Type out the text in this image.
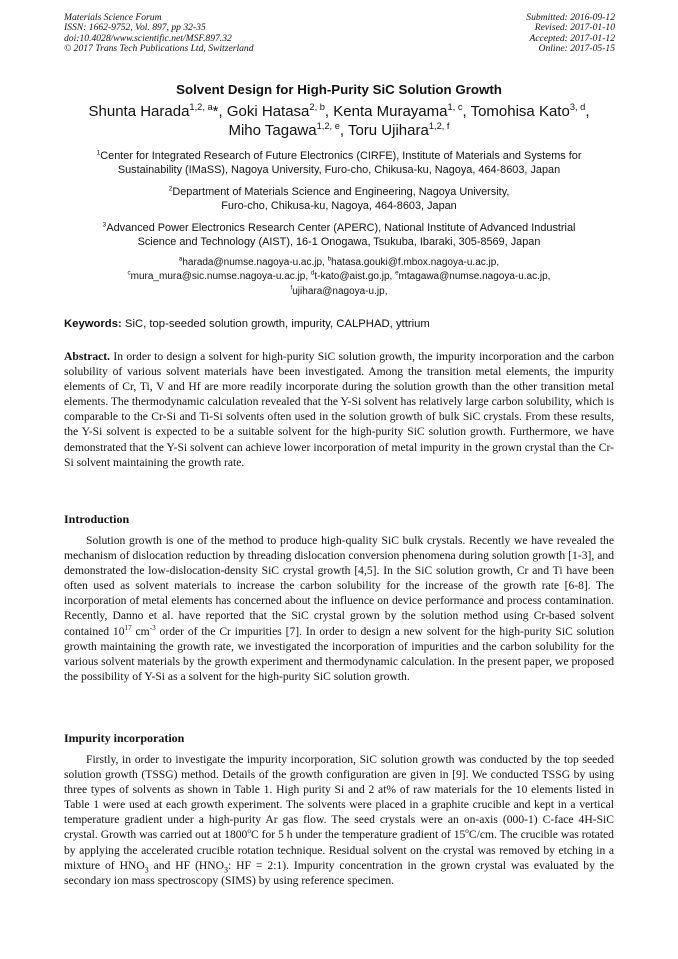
Materials Science Forum
ISSN: 1662-9752, Vol. 897, pp 32-35
doi:10.4028/www.scientific.net/MSF.897.32
© 2017 Trans Tech Publications Ltd, Switzerland
Submitted: 2016-09-12
Revised: 2017-01-10
Accepted: 2017-01-12
Online: 2017-05-15
Solvent Design for High-Purity SiC Solution Growth
Shunta Harada$^{1,2, a}$*, Goki Hatasa$^{2, b}$, Kenta Murayama$^{1, c}$, Tomohisa Kato$^{3, d}$,
Miho Tagawa$^{1,2, e}$, Toru Ujihara$^{1,2, f}$
$^1$Center for Integrated Research of Future Electronics (CIRFE), Institute of Materials and Systems for
Sustainability (IMaSS), Nagoya University, Furo-cho, Chikusa-ku, Nagoya, 464-8603, Japan
$^2$Department of Materials Science and Engineering, Nagoya University,
Furo-cho, Chikusa-ku, Nagoya, 464-8603, Japan
$^3$Advanced Power Electronics Research Center (APERC), National Institute of Advanced Industrial
Science and Technology (AIST), 16-1 Onogawa, Tsukuba, Ibaraki, 305-8569, Japan
$^a$harada@numse.nagoya-u.ac.jp, $^b$hatasa.gouki@f.mbox.nagoya-u.ac.jp,
$^c$mura_mura@sic.numse.nagoya-u.ac.jp, $^d$t-kato@aist.go.jp, $^e$mtagawa@numse.nagoya-u.ac.jp,
$^f$ujihara@nagoya-u.jp,
Keywords: SiC, top-seeded solution growth, impurity, CALPHAD, yttrium

Abstract. In order to design a solvent for high-purity SiC solution growth, the impurity incorporation and the carbon solubility of various solvent materials have been investigated. Among the transition metal elements, the impurity elements of Cr, Ti, V and Hf are more readily incorporate during the solution growth than the other transition metal elements. The thermodynamic calculation revealed that the Y-Si solvent has relatively large carbon solubility, which is comparable to the Cr-Si and Ti-Si solvents often used in the solution growth of bulk SiC crystals. From these results, the Y-Si solvent is expected to be a suitable solvent for the high-purity SiC solution growth. Furthermore, we have demonstrated that the Y-Si solvent can achieve lower incorporation of metal impurity in the grown crystal than the Cr-Si solvent maintaining the growth rate.

Introduction

Solution growth is one of the method to produce high-quality SiC bulk crystals. Recently we have revealed the mechanism of dislocation reduction by threading dislocation conversion phenomena during solution growth [1-3], and demonstrated the low-dislocation-density SiC crystal growth [4,5]. In the SiC solution growth, Cr and Ti have been often used as solvent materials to increase the carbon solubility for the increase of the growth rate [6-8]. The incorporation of metal elements has concerned about the influence on device performance and process contamination. Recently, Danno et al. have reported that the SiC crystal grown by the solution method using Cr-based solvent contained $10^{17}$ $cm^{-3}$ order of the Cr impurities [7]. In order to design a new solvent for the high-purity SiC solution growth maintaining the growth rate, we investigated the incorporation of impurities and the carbon solubility for the various solvent materials by the growth experiment and thermodynamic calculation. In the present paper, we proposed the possibility of Y-Si as a solvent for the high-purity SiC solution growth.

Impurity incorporation

Firstly, in order to investigate the impurity incorporation, SiC solution growth was conducted by the top seeded solution growth (TSSG) method. Details of the growth configuration are given in [9]. We conducted TSSG by using three types of solvents as shown in Table 1. High purity Si and 2 at% of raw materials for the 10 elements listed in Table 1 were used at each growth experiment. The solvents were placed in a graphite crucible and kept in a vertical temperature gradient under a high-purity Ar gas flow. The seed crystals were an on-axis (000-1) C-face 4H-SiC crystal. Growth was carried out at 1800$^o$C for 5 h under the temperature gradient of 15$^o$C/cm. The crucible was rotated by applying the accelerated crucible rotation technique. Residual solvent on the crystal was removed by etching in a mixture of $HNO_3$ and HF ($HNO_3$: HF = 2:1). Impurity concentration in the grown crystal was evaluated by the secondary ion mass spectroscopy (SIMS) by using reference specimen.
